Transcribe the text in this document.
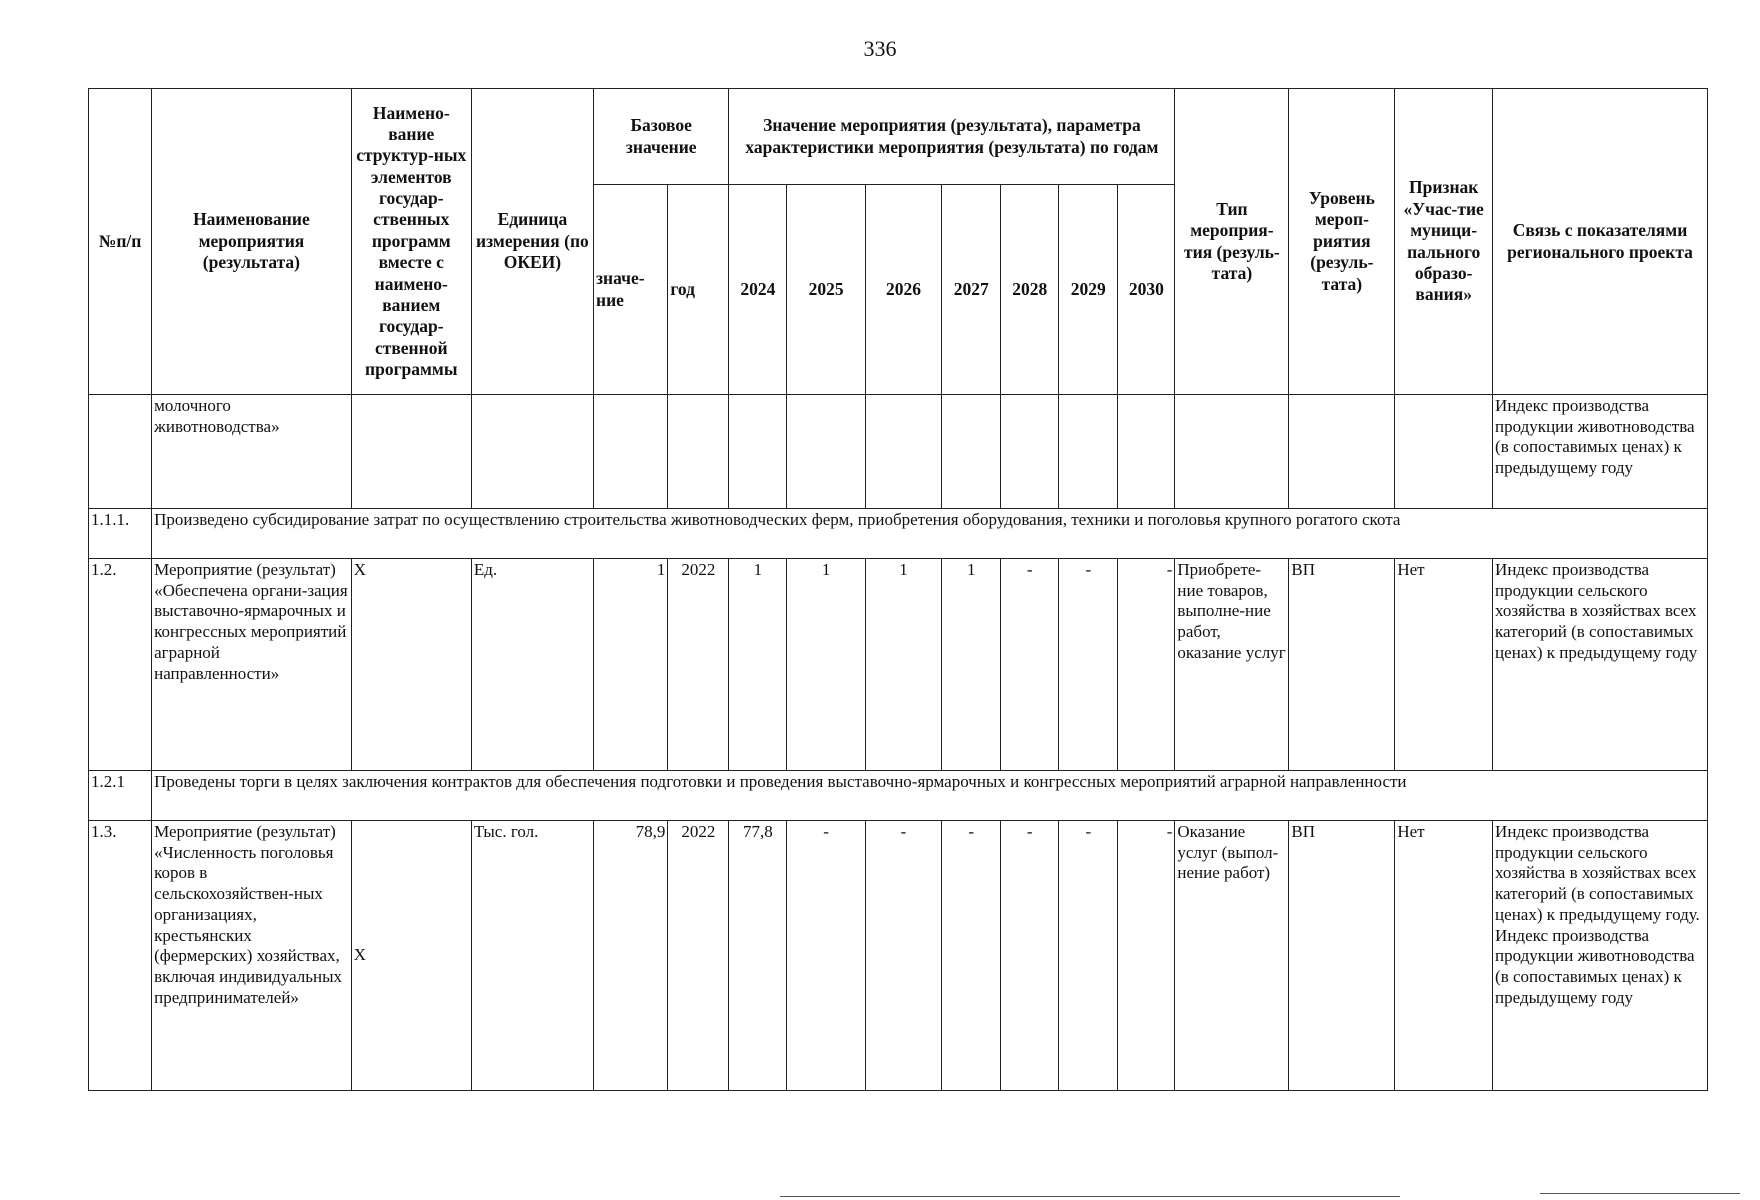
336
№п/п	Наименование мероприятия (результата)	Наимено-вание структур-ных элементов государ-ственных программ вместе с наимено-ванием государ-ственной программы	Единица измерения (по ОКЕИ)	Базовое значение		Значение мероприятия (результата), параметра характеристики мероприятия (результата) по годам							Тип мероприя-тия (резуль-тата)	Уровень мероп-риятия (резуль-тата)	Признак «Учас-тие муници-пального образо-вания»	Связь с показателями регионального проекта
				значе-ние	год	2024	2025	2026	2027	2028	2029	2030				
	молочного животноводства»															Индекс производства продукции животноводства (в сопоставимых ценах) к предыдущему году
1.1.1.	Произведено субсидирование затрат по осуществлению строительства животноводческих ферм, приобретения оборудования, техники и поголовья крупного рогатого скота															
1.2.	Мероприятие (результат) «Обеспечена органи-зация выставочно-ярмарочных и конгрессных мероприятий аграрной направленности»	X	Ед.	1	2022	1	1	1	1	-	-	-	Приобрете-ние товаров, выполне-ние работ, оказание услуг	ВП	Нет	Индекс производства продукции сельского хозяйства в хозяйствах всех категорий (в сопоставимых ценах) к предыдущему году
1.2.1	Проведены торги в целях заключения контрактов для обеспечения подготовки и проведения выставочно-ярмарочных и конгрессных мероприятий аграрной направленности															
1.3.	Мероприятие (результат) «Численность поголовья коров в сельскохозяйствен-ных организациях, крестьянских (фермерских) хозяйствах, включая индивидуальных предпринимателей»	X	Тыс. гол.	78,9	2022	77,8	-	-	-	-	-	-	Оказание услуг (выпол-нение работ)	ВП	Нет	Индекс производства продукции сельского хозяйства в хозяйствах всех категорий (в сопоставимых ценах) к предыдущему году. Индекс производства продукции животноводства (в сопоставимых ценах) к предыдущему году
